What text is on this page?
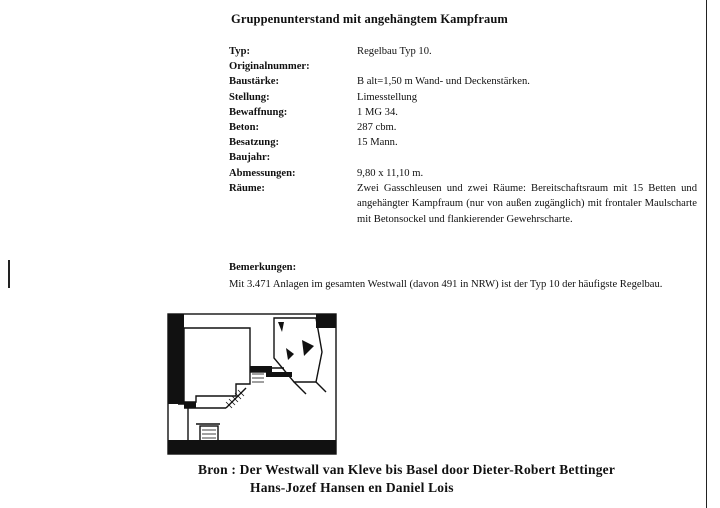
Gruppenunterstand mit angehängtem Kampfraum
Typ:	Regelbau Typ 10.
Originalnummer:
Baustärke:	B alt=1,50 m Wand- und Deckenstärken.
Stellung:	Limesstellung
Bewaffnung:	1 MG 34.
Beton:	287 cbm.
Besatzung:	15 Mann.
Baujahr:
Abmessungen:	9,80 x 11,10 m.
Räume:	Zwei Gasschleusen und zwei Räume: Bereitschaftsraum mit 15 Betten und angehängter Kampfraum (nur von außen zugänglich) mit frontaler Maulscharte mit Betonsockel und flankierender Gewehrscharte.
Bemerkungen:
Mit 3.471 Anlagen im gesamten Westwall (davon 491 in NRW) ist der Typ 10 der häufigste Regelbau.
Bron : Der Westwall van Kleve bis Basel door Dieter-Robert Bettinger
Hans-Jozef Hansen en Daniel Lois
